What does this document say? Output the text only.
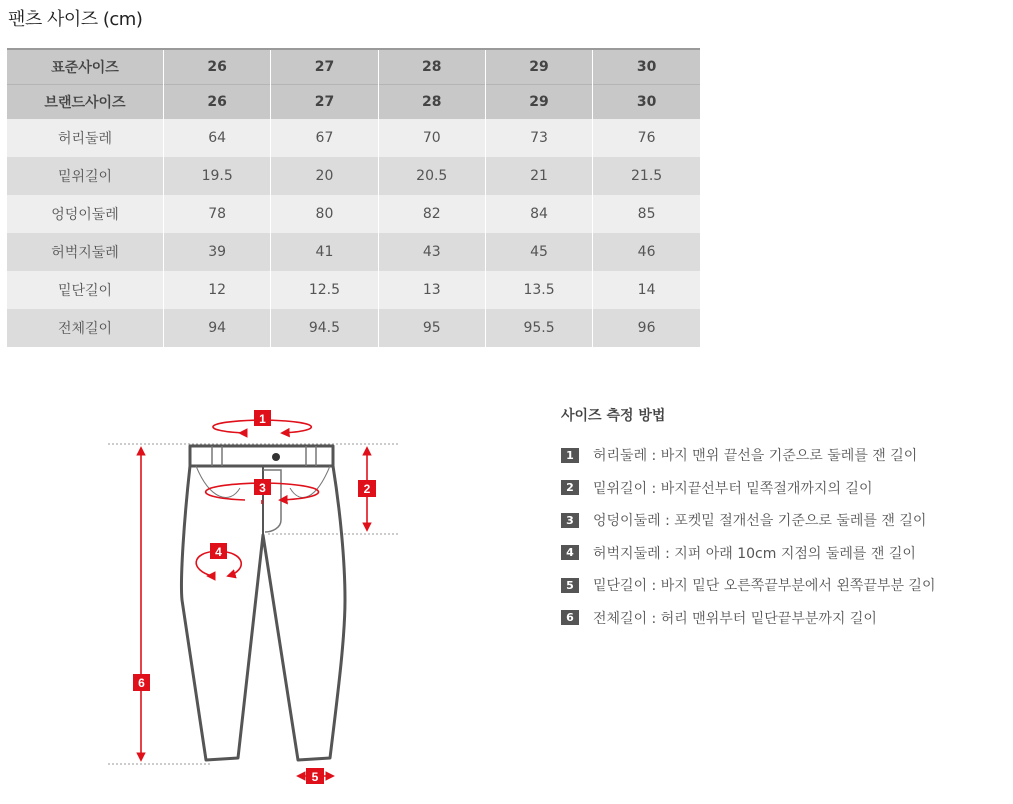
팬츠 사이즈 (cm)
표준사이즈	26	27	28	29	30
브랜드사이즈	26	27	28	29	30
허리둘레	64	67	70	73	76
밑위길이	19.5	20	20.5	21	21.5
엉덩이둘레	78	80	82	84	85
허벅지둘레	39	41	43	45	46
밑단길이	12	12.5	13	13.5	14
전체길이	94	94.5	95	95.5	96
1
2
3
4
5
6
사이즈 측정 방법
1	허리둘레 : 바지 맨위 끝선을 기준으로 둘레를 잰 길이
2	밑위길이 : 바지끝선부터 밑쪽절개까지의 길이
3	엉덩이둘레 : 포켓밑 절개선을 기준으로 둘레를 잰 길이
4	허벅지둘레 : 지퍼 아래 10cm 지점의 둘레를 잰 길이
5	밑단길이 : 바지 밑단 오른쪽끝부분에서 왼쪽끝부분 길이
6	전체길이 : 허리 맨위부터 밑단끝부분까지 길이
